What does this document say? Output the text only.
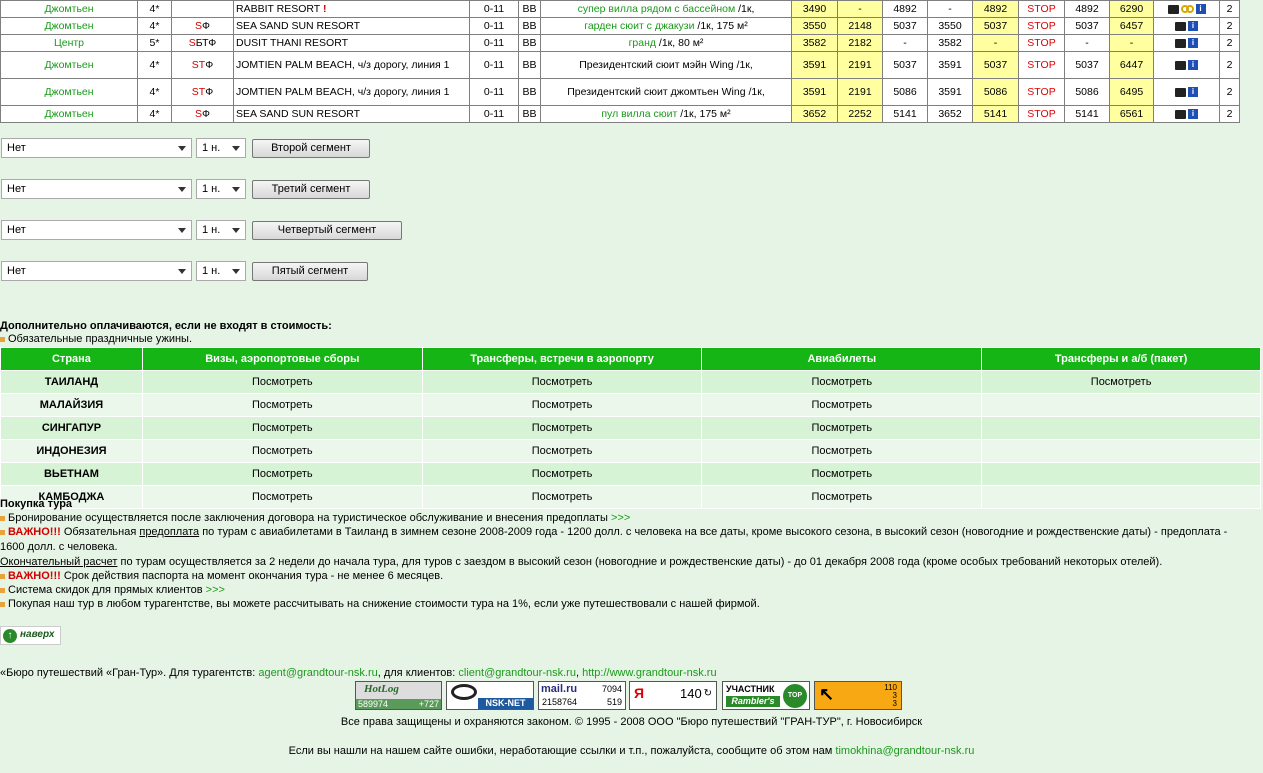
Джомтьен	4*		RABBIT RESORT !	0-11	BB	супер вилла рядом с бассейном /1к,	3490	-	4892	-	4892	STOP	4892	6290	i	2
Джомтьен	4*	SФ	SEA SAND SUN RESORT	0-11	BB	гарден сюит с джакузи /1к, 175 м²	3550	2148	5037	3550	5037	STOP	5037	6457	i	2
Центр	5*	SБТФ	DUSIT THANI RESORT	0-11	BB	гранд /1к, 80 м²	3582	2182	-	3582	-	STOP	-	-	i	2
Джомтьен	4*	STФ	JOMTIEN PALM BEACH, ч/з дорогу, линия 1	0-11	BB	Президентский сюит мэйн Wing /1к,	3591	2191	5037	3591	5037	STOP	5037	6447	i	2
Джомтьен	4*	STФ	JOMTIEN PALM BEACH, ч/з дорогу, линия 1	0-11	BB	Президентский сюит джомтьен Wing /1к,	3591	2191	5086	3591	5086	STOP	5086	6495	i	2
Джомтьен	4*	SФ	SEA SAND SUN RESORT	0-11	BB	пул вилла сюит /1к, 175 м²	3652	2252	5141	3652	5141	STOP	5141	6561	i	2
Нет	1 н.	Второй сегмент
Нет	1 н.	Третий сегмент
Нет	1 н.	Четвертый сегмент
Нет	1 н.	Пятый сегмент
Дополнительно оплачиваются, если не входят в стоимость:
Обязательные праздничные ужины.
Страна	Визы, аэропортовые сборы	Трансферы, встречи в аэропорту	Авиабилеты	Трансферы и а/б (пакет)
ТАИЛАНД	Посмотреть	Посмотреть	Посмотреть	Посмотреть
МАЛАЙЗИЯ	Посмотреть	Посмотреть	Посмотреть	
СИНГАПУР	Посмотреть	Посмотреть	Посмотреть	
ИНДОНЕЗИЯ	Посмотреть	Посмотреть	Посмотреть	
ВЬЕТНАМ	Посмотреть	Посмотреть	Посмотреть	
КАМБОДЖА	Посмотреть	Посмотреть	Посмотреть	
Покупка тура
Бронирование осуществляется после заключения договора на туристическое обслуживание и внесения предоплаты >>>
ВАЖНО!!! Обязательная предоплата по турам с авиабилетами в Таиланд в зимнем сезоне 2008-2009 года - 1200 долл. с человека на все даты, кроме высокого сезона, в высокий сезон (новогодние и рождественские даты) - предоплата -
1600 долл. с человека.
Окончательный расчет по турам осуществляется за 2 недели до начала тура, для туров с заездом в высокий сезон (новогодние и рождественские даты) - до 01 декабря 2008 года (кроме особых требований некоторых отелей).
ВАЖНО!!! Срок действия паспорта на момент окончания тура - не менее 6 месяцев.
Система скидок для прямых клиентов >>>
Покупая наш тур в любом турагентстве, вы можете рассчитывать на снижение стоимости тура на 1%, если уже путешествовали с нашей фирмой.
↑ наверх
«Бюро путешествий «Гран-Тур». Для турагентств: agent@grandtour-nsk.ru, для клиентов: client@grandtour-nsk.ru, http://www.grandtour-nsk.ru
HotLog
589974	+727	NSK-NET
mail.ru	7094
2158764	519
Я	140 ↻ УЧАСТНИК
Rambler's
TOP ↖	110
3
3
Все права защищены и охраняются законом. © 1995 - 2008 ООО "Бюро путешествий "ГРАН-ТУР", г. Новосибирск
Если вы нашли на нашем сайте ошибки, неработающие ссылки и т.п., пожалуйста, сообщите об этом нам timokhina@grandtour-nsk.ru
